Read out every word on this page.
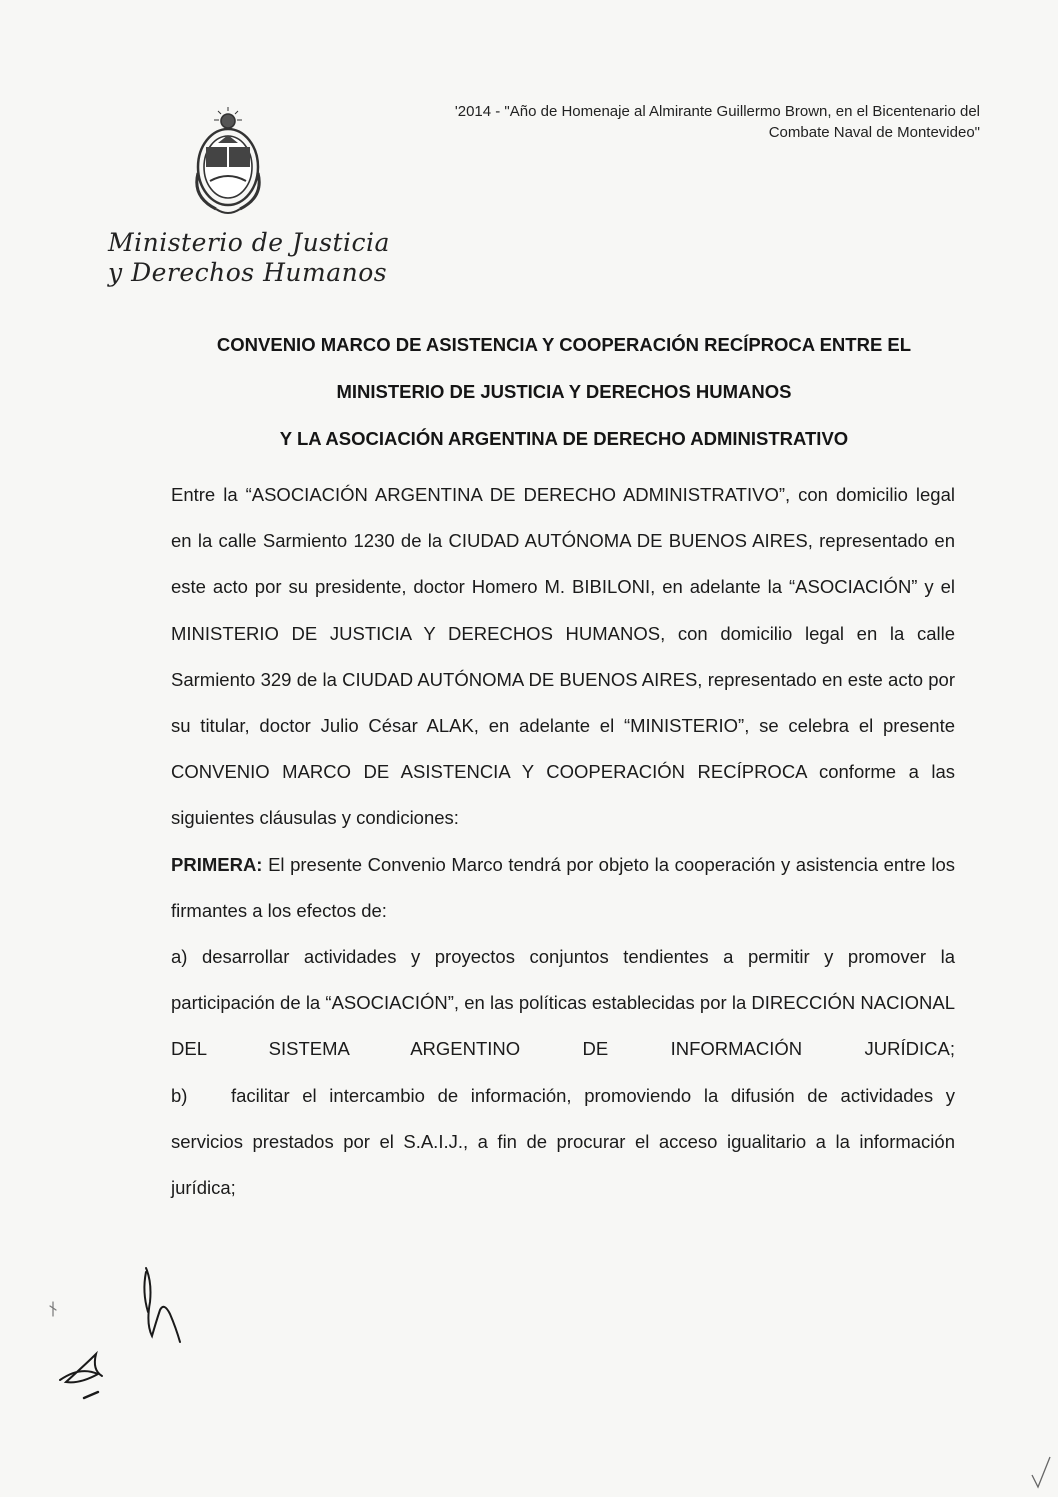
'2014 - "Año de Homenaje al Almirante Guillermo Brown, en el Bicentenario del
Combate Naval de Montevideo"
Ministerio de Justicia
y Derechos Humanos
CONVENIO MARCO DE ASISTENCIA Y COOPERACIÓN RECÍPROCA ENTRE EL
MINISTERIO DE JUSTICIA Y DERECHOS HUMANOS
Y LA ASOCIACIÓN ARGENTINA DE DERECHO ADMINISTRATIVO

Entre la “ASOCIACIÓN ARGENTINA DE DERECHO ADMINISTRATIVO”, con domicilio legal en la calle Sarmiento 1230 de la CIUDAD AUTÓNOMA DE BUENOS AIRES, representado en este acto por su presidente, doctor Homero M. BIBILONI, en adelante la “ASOCIACIÓN” y el MINISTERIO DE JUSTICIA Y DERECHOS HUMANOS, con domicilio legal en la calle Sarmiento 329 de la CIUDAD AUTÓNOMA DE BUENOS AIRES, representado en este acto por su titular, doctor Julio César ALAK, en adelante el “MINISTERIO”, se celebra el presente CONVENIO MARCO DE ASISTENCIA Y COOPERACIÓN RECÍPROCA conforme a las siguientes cláusulas y condiciones:

PRIMERA: El presente Convenio Marco tendrá por objeto la cooperación y asistencia entre los firmantes a los efectos de:

a) desarrollar actividades y proyectos conjuntos tendientes a permitir y promover la participación de la “ASOCIACIÓN”, en las políticas establecidas por la DIRECCIÓN NACIONAL DEL SISTEMA ARGENTINO DE INFORMACIÓN JURÍDICA;

b) facilitar el intercambio de información, promoviendo la difusión de actividades y servicios prestados por el S.A.I.J., a fin de procurar el acceso igualitario a la información jurídica;
